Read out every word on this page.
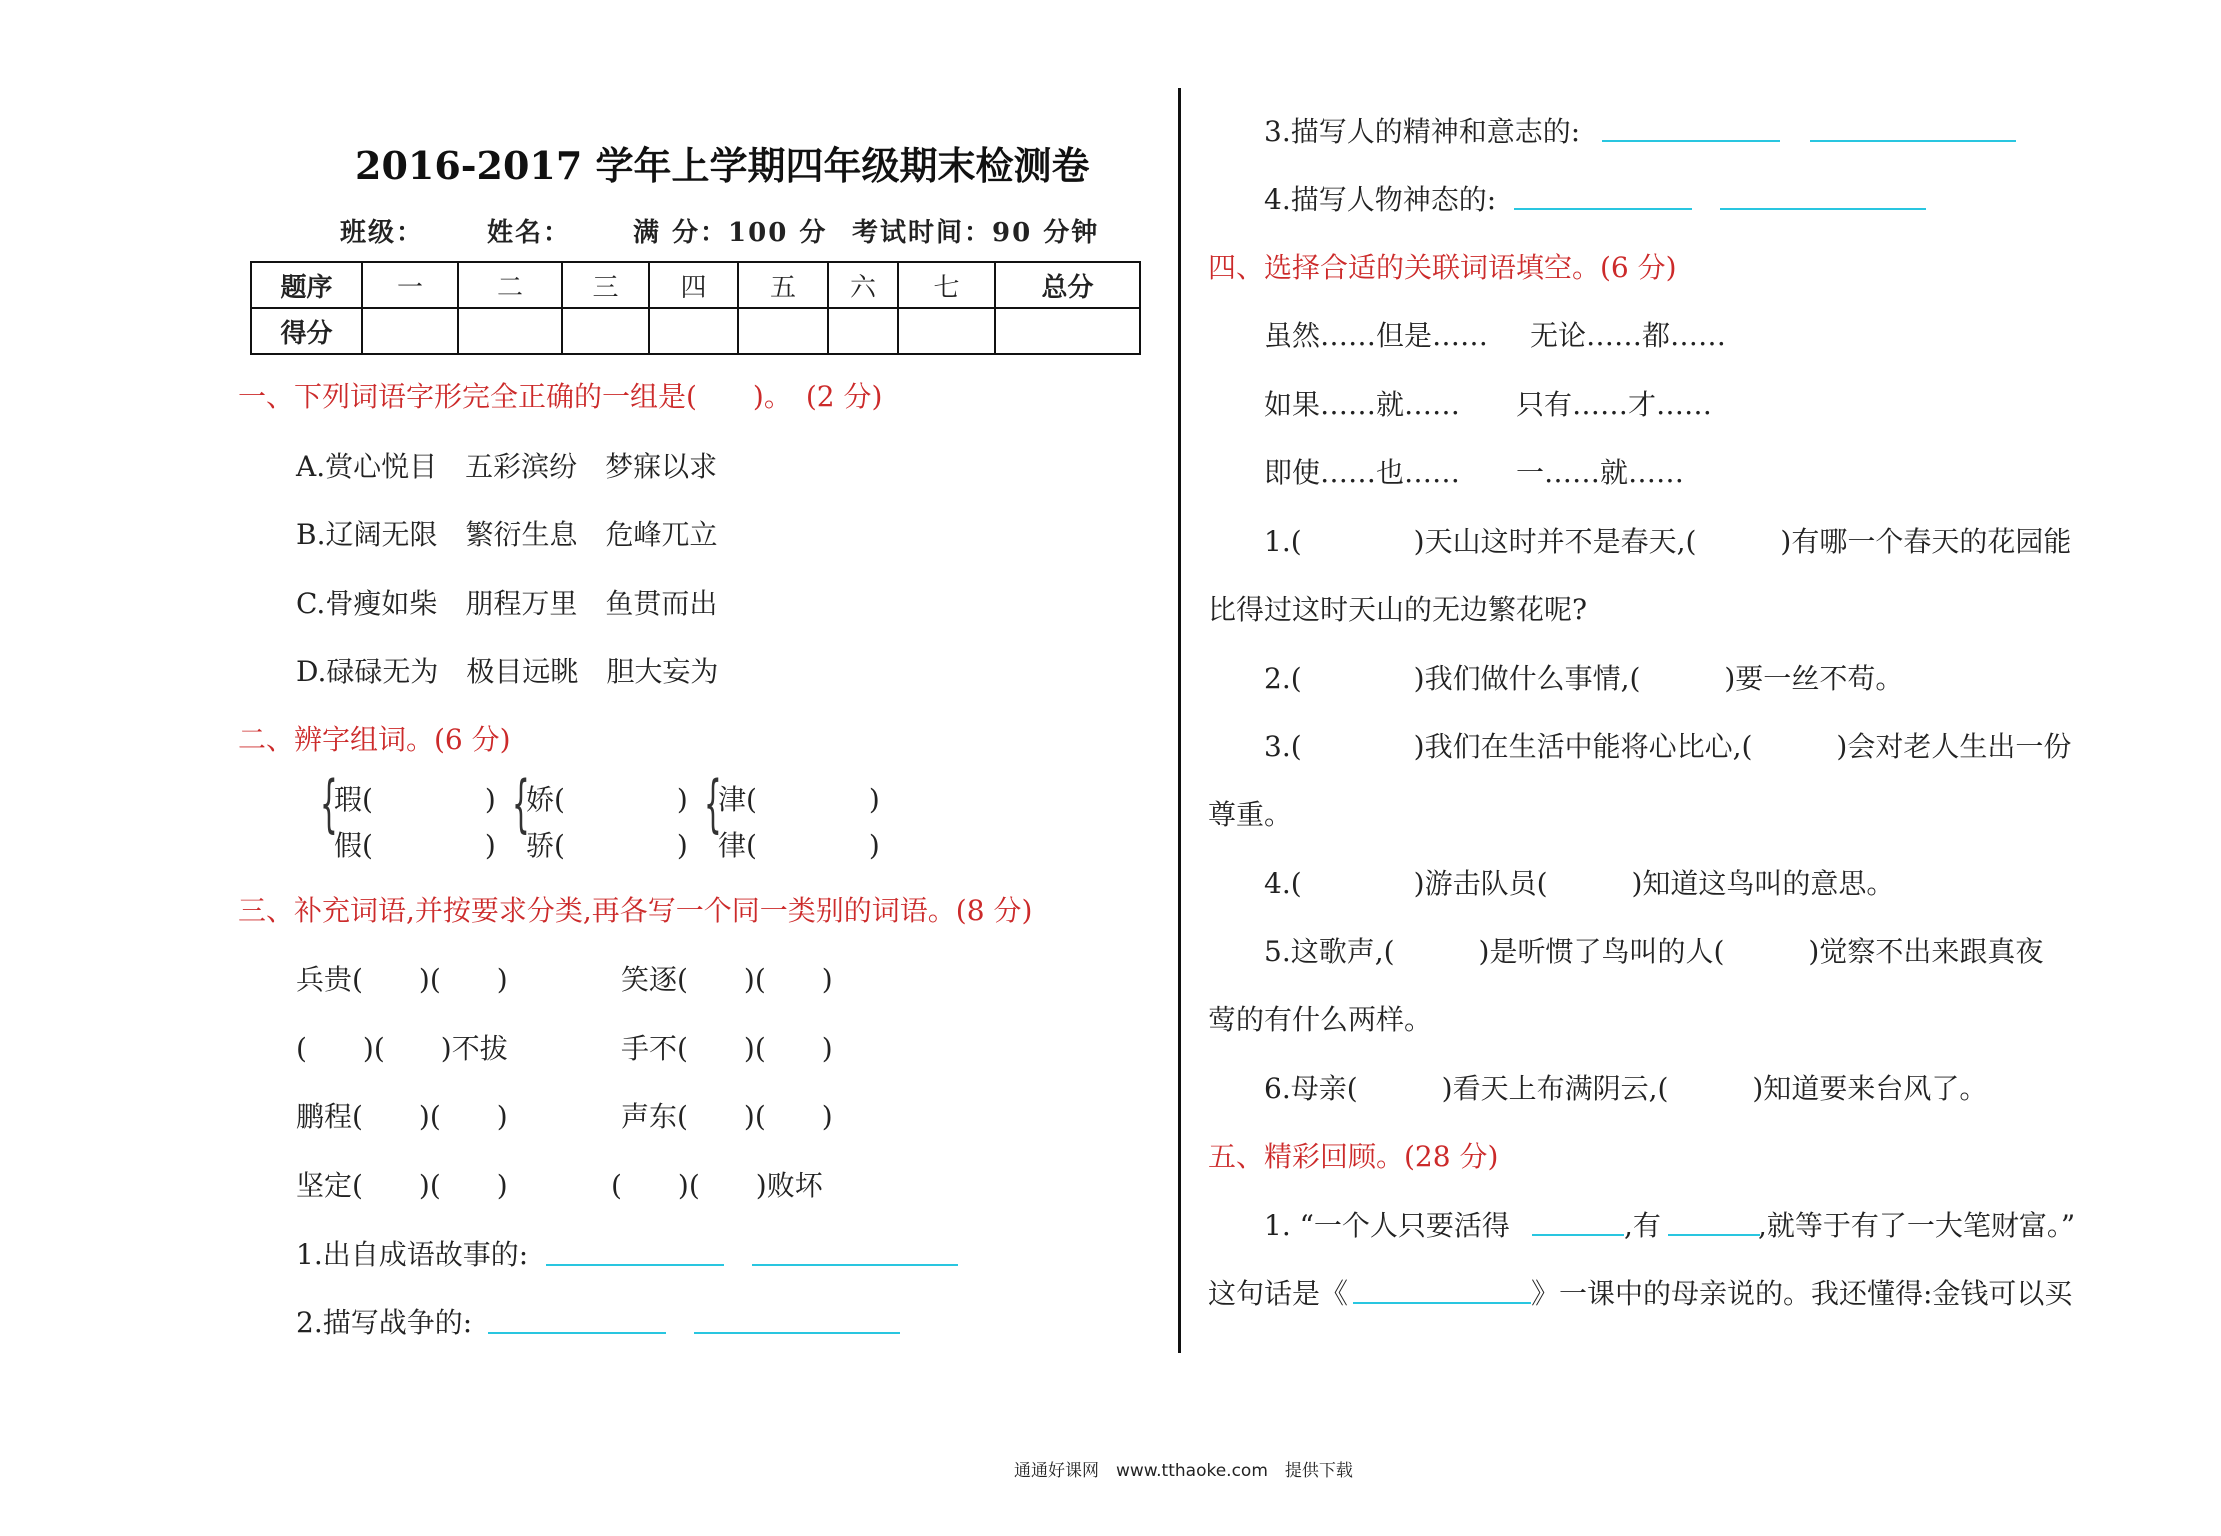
2016-2017 学年上学期四年级期末检测卷
班级： 姓名： 满 分：100 分 考试时间：90 分钟
题序	一	二	三	四	五	六	七	总分
得分								
一、下列词语字形完全正确的一组是(　　)。　(2 分)
A.赏心悦目　五彩滨纷　梦寐以求
B.辽阔无限　繁衍生息　危峰兀立
C.骨瘦如柴　朋程万里　鱼贯而出
D.碌碌无为　极目远眺　胆大妄为
二、辨字组词。(6 分)
{
瑕(　　　　)
假(　　　　)
{
娇(　　　　)
骄(　　　　)
{
津(　　　　)
律(　　　　)
三、补充词语,并按要求分类,再各写一个同一类别的词语。(8 分)
兵贵(　　)(　　)	笑逐(　　)(　　)
(　　)(　　)不拔	手不(　　)(　　)
鹏程(　　)(　　)	声东(　　)(　　)
坚定(　　)(　　)	(　　)(　　)败坏
1.出自成语故事的:
2.描写战争的:
3.描写人的精神和意志的:
4.描写人物神态的:
四、选择合适的关联词语填空。(6 分)
虽然……但是…… 无论……都……
如果……就…… 只有……才……
即使……也…… 一……就……
1.(　　　　)天山这时并不是春天,(　　　)有哪一个春天的花园能
比得过这时天山的无边繁花呢?
2.(　　　　)我们做什么事情,(　　　)要一丝不苟。
3.(　　　　)我们在生活中能将心比心,(　　　)会对老人生出一份
尊重。
4.(　　　　)游击队员(　　　)知道这鸟叫的意思。
5.这歌声,(　　　)是听惯了鸟叫的人(　　　)觉察不出来跟真夜
莺的有什么两样。
6.母亲(　　　)看天上布满阴云,(　　　)知道要来台风了。
五、精彩回顾。(28 分)
1. “一个人只要活得	,有	,就等于有了一大笔财富。”
这句话是《	》一课中的母亲说的。我还懂得:金钱可以买
通通好课网　www.tthaoke.com　提供下载
